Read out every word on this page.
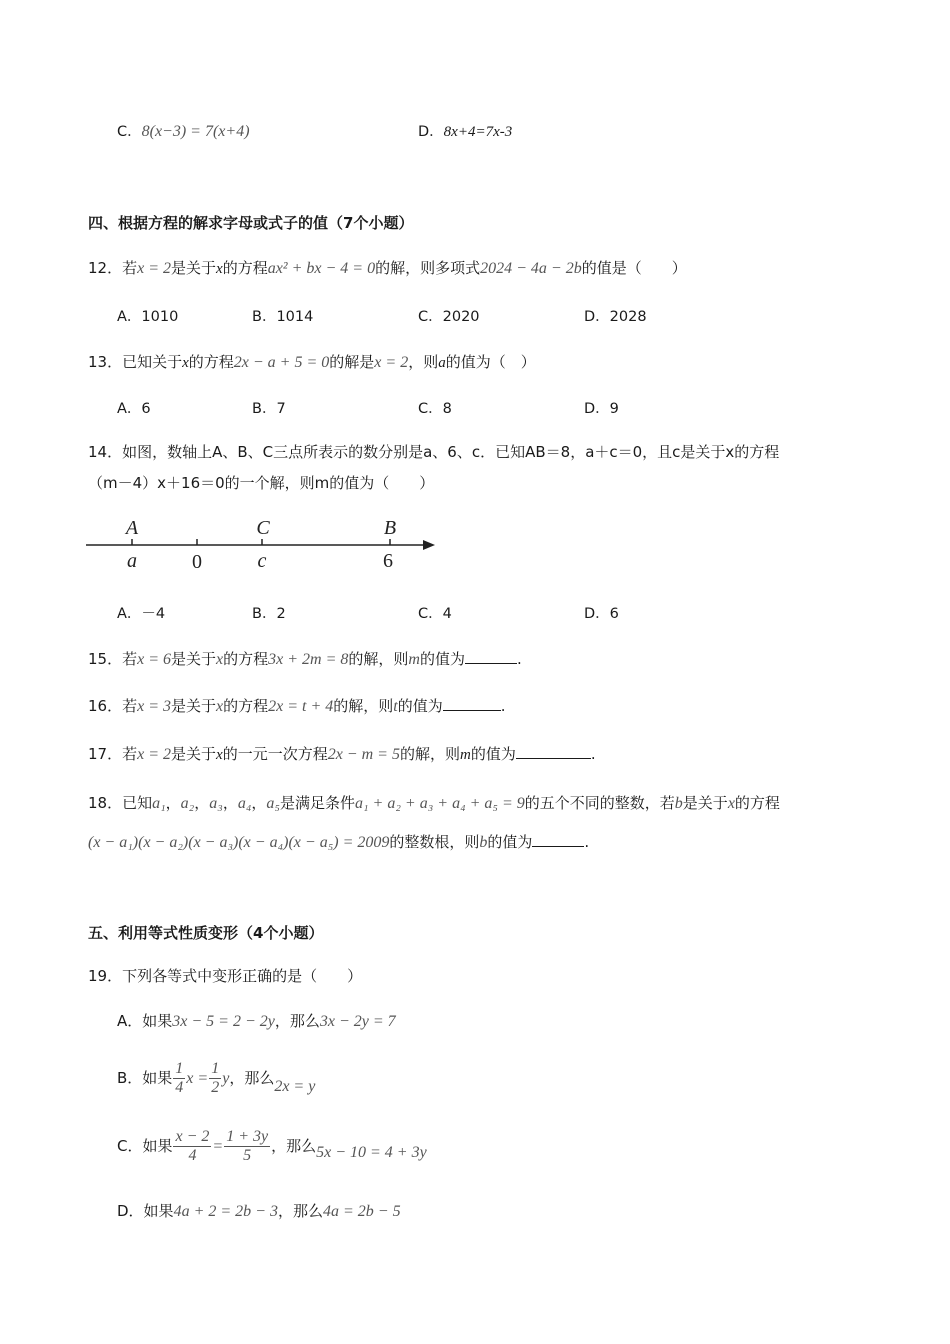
C．8(x−3) = 7(x+4)	D．8x+4=7x-3
四、根据方程的解求字母或式子的值（7个小题）
12．若x = 2是关于x的方程ax² + bx − 4 = 0的解，则多项式2024 − 4a − 2b的值是（　　）
A．1010	B．1014	C．2020	D．2028
13．已知关于x的方程2x − a + 5 = 0的解是x = 2，则a的值为（　）
A．6	B．7	C．8	D．9
14．如图，数轴上A、B、C三点所表示的数分别是a、6、c．已知AB＝8，a＋c＝0，且c是关于x的方程
（m－4）x＋16＝0的一个解，则m的值为（　　）
A	C	B
a	0	c	6
A．－4	B．2	C．4	D．6
15．若x = 6是关于x的方程3x + 2m = 8的解，则m的值为	.
16．若x = 3是关于x的方程2x = t + 4的解，则t的值为	.
17．若x = 2是关于x的一元一次方程2x − m = 5的解，则m的值为	.
18．已知a₁，a₂，a₃，a₄，a₅是满足条件a₁ + a₂ + a₃ + a₄ + a₅ = 9的五个不同的整数，若b是关于x的方程
(x − a₁)(x − a₂)(x − a₃)(x − a₄)(x − a₅) = 2009的整数根，则b的值为	.
五、利用等式性质变形（4个小题）
19．下列各等式中变形正确的是（　　）
A．如果3x − 5 = 2 − 2y，那么3x − 2y = 7
B．如果 $\frac{1}{4}$ $x = \frac{1}{2}$ y，那么2x = y
C．如果 $\frac{x - 2}{4} = \frac{1 + 3y}{5}$ ，那么5x − 10 = 4 + 3y
D．如果4a + 2 = 2b − 3，那么4a = 2b − 5
